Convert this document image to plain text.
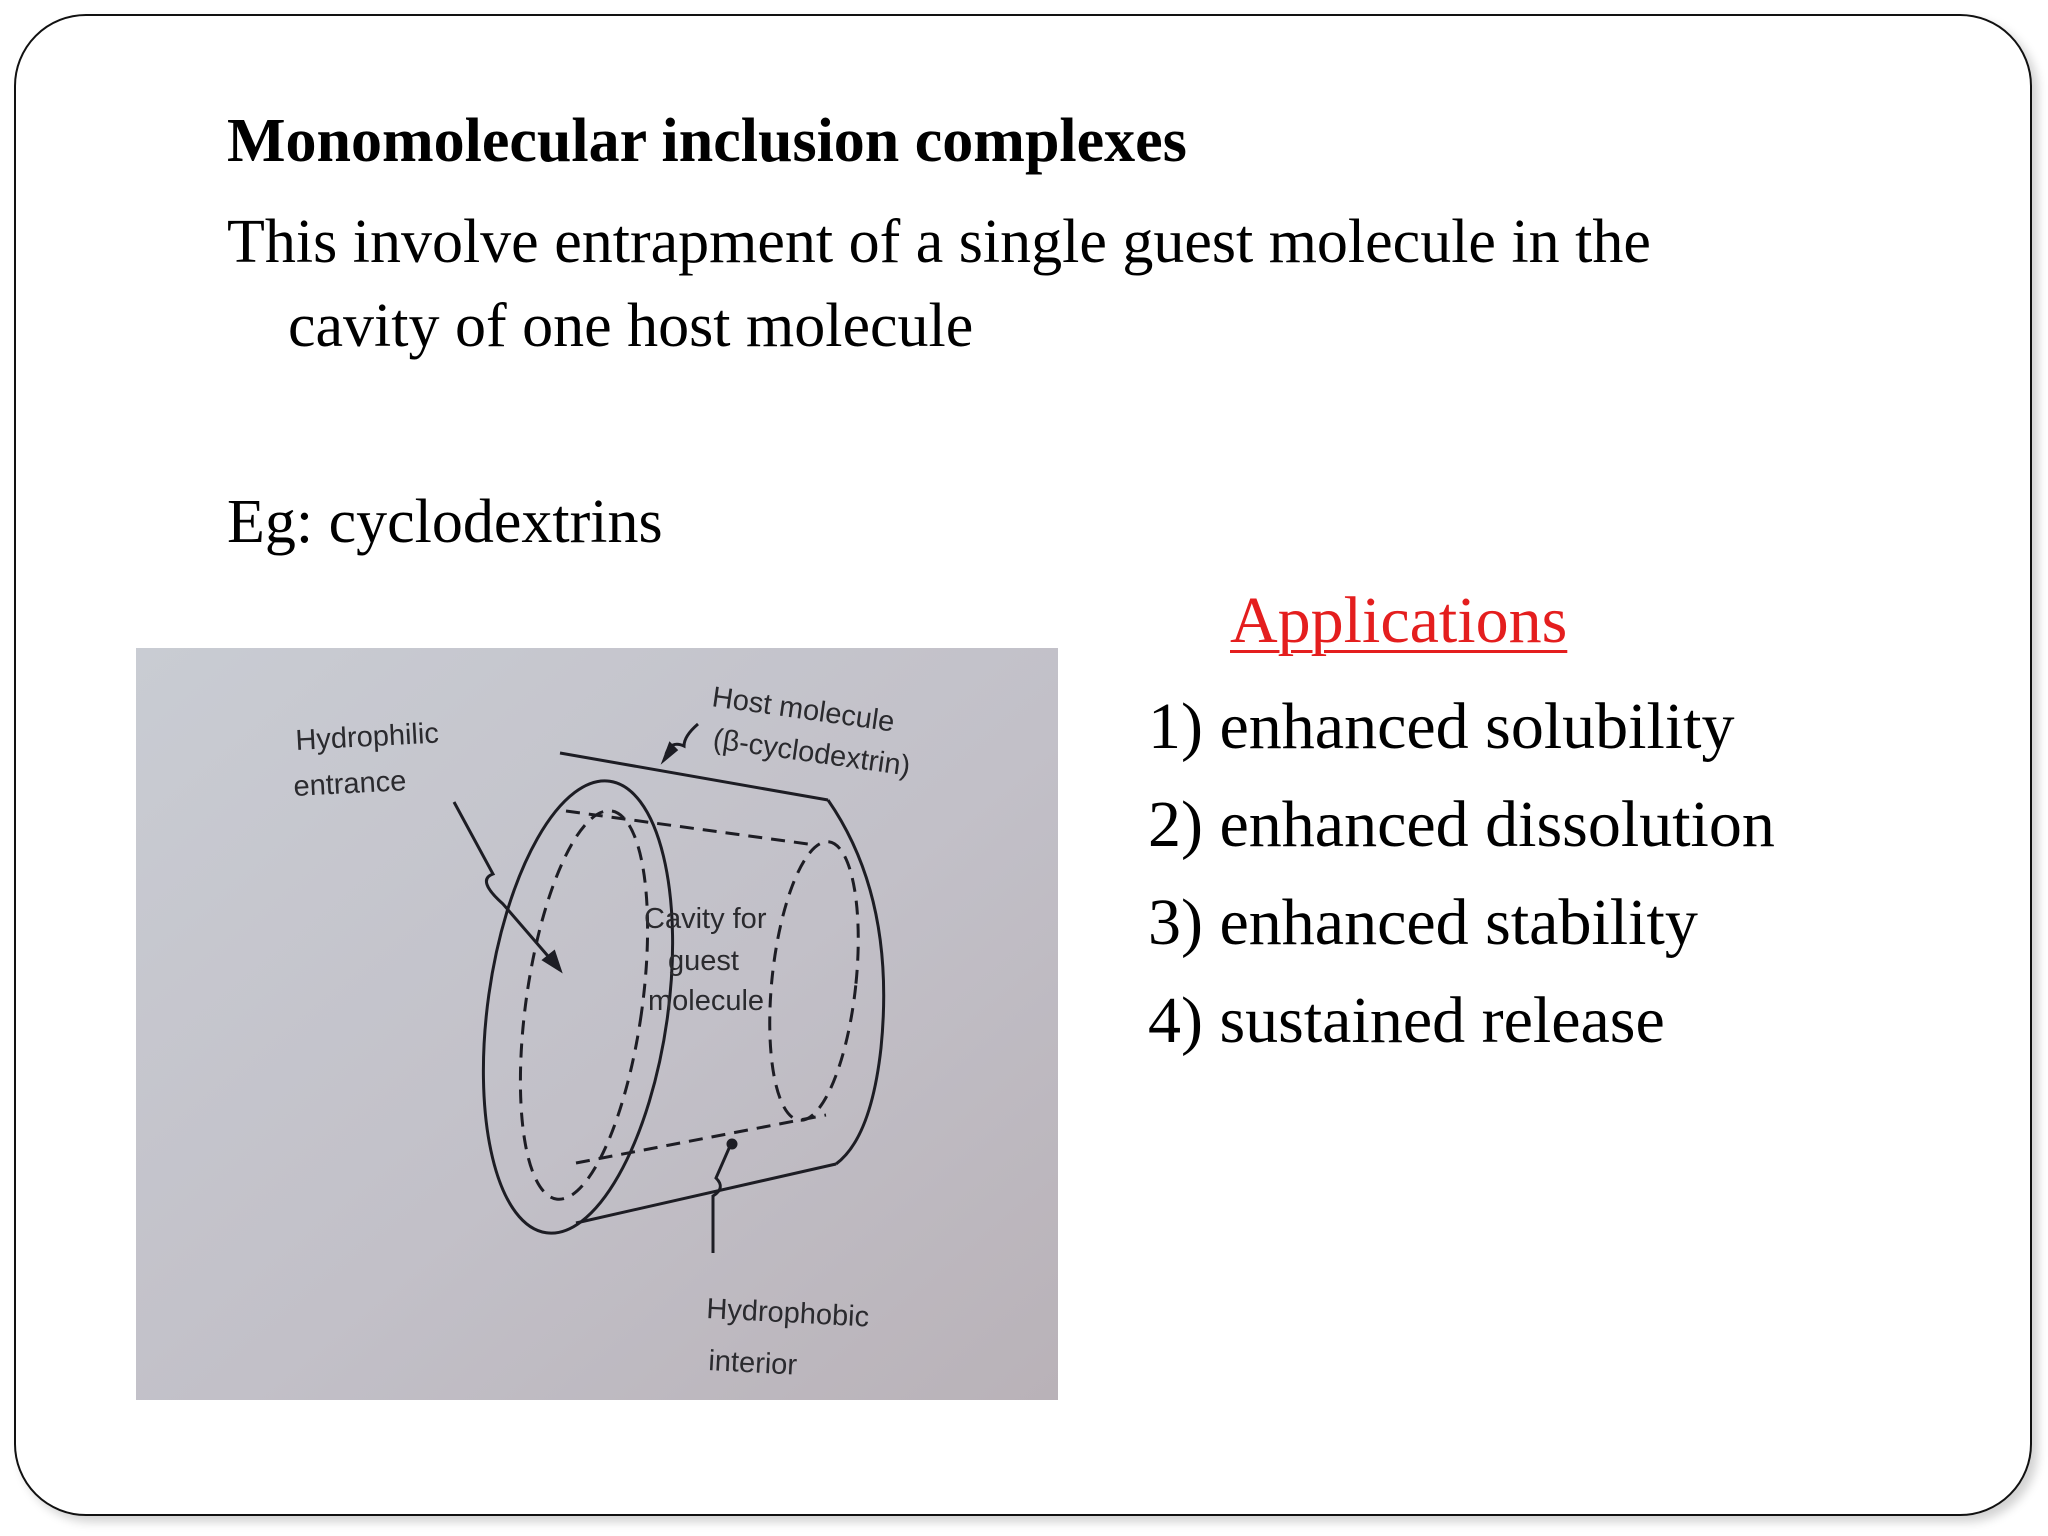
Monomolecular inclusion complexes
This involve entrapment of a single guest molecule in the
cavity of one host molecule
Eg: cyclodextrins
Applications
1) enhanced solubility
2) enhanced dissolution
3) enhanced stability
4) sustained release
Host molecule
(β-cyclodextrin)
Hydrophilic
entrance
Cavity for
guest
molecule
Hydrophobic
interior
